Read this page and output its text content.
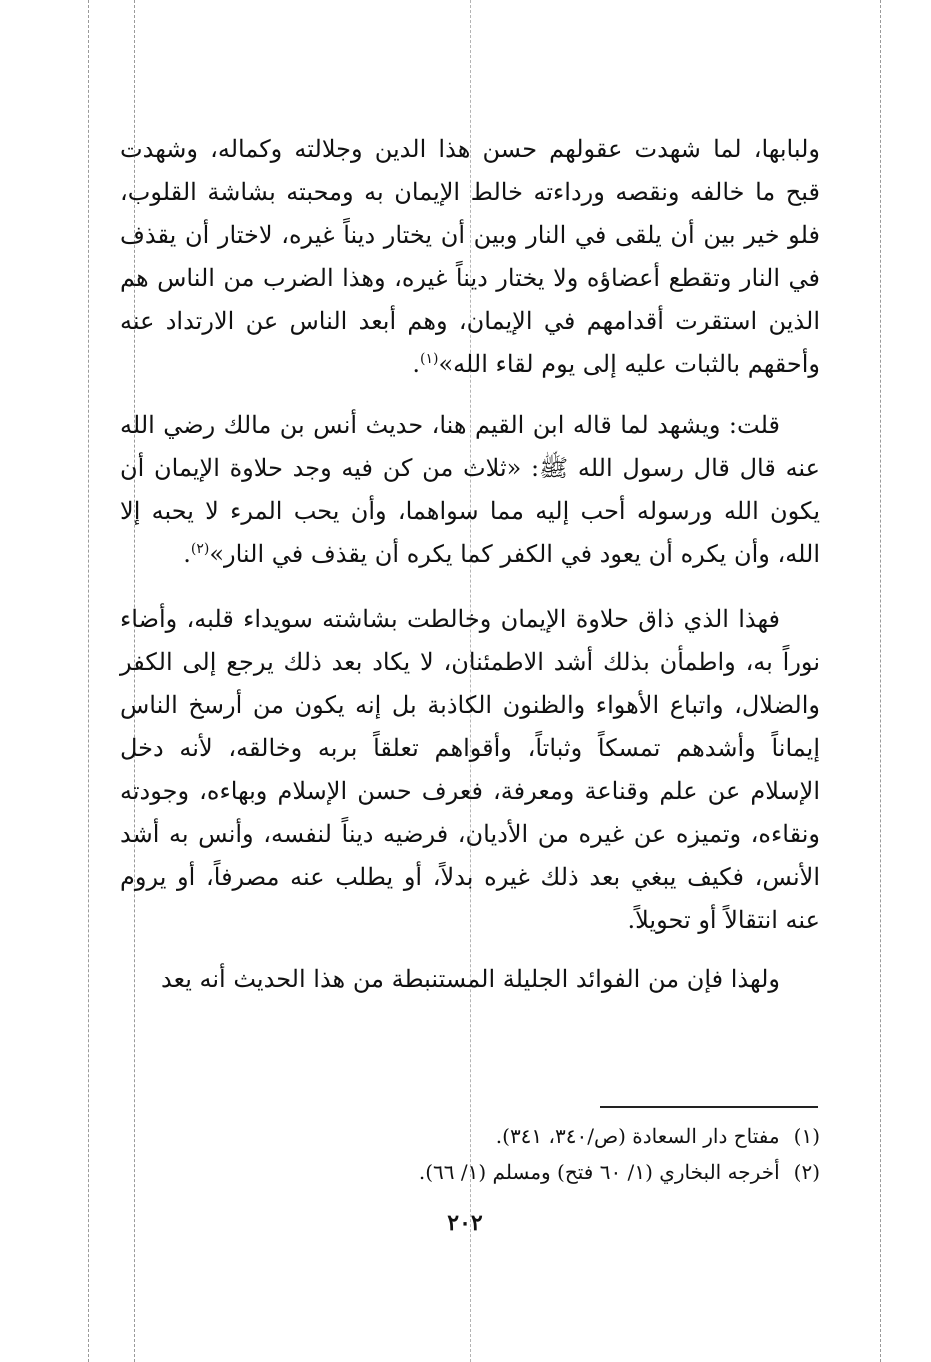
ولبابها، لما شهدت عقولهم حسن هذا الدين وجلالته وكماله، وشهدت قبح ما خالفه ونقصه ورداءته خالط الإيمان به ومحبته بشاشة القلوب، فلو خير بين أن يلقى في النار وبين أن يختار ديناً غيره، لاختار أن يقذف في النار وتقطع أعضاؤه ولا يختار ديناً غيره، وهذا الضرب من الناس هم الذين استقرت أقدامهم في الإيمان، وهم أبعد الناس عن الارتداد عنه وأحقهم بالثبات عليه إلى يوم لقاء الله»$^{(١)}$.

قلت: ويشهد لما قاله ابن القيم هنا، حديث أنس بن مالك رضي الله عنه قال قال رسول الله ﷺ: «ثلاث من كن فيه وجد حلاوة الإيمان أن يكون الله ورسوله أحب إليه مما سواهما، وأن يحب المرء لا يحبه إلا الله، وأن يكره أن يعود في الكفر كما يكره أن يقذف في النار»$^{(٢)}$.

فهذا الذي ذاق حلاوة الإيمان وخالطت بشاشته سويداء قلبه، وأضاء نوراً به، واطمأن بذلك أشد الاطمئنان، لا يكاد بعد ذلك يرجع إلى الكفر والضلال، واتباع الأهواء والظنون الكاذبة بل إنه يكون من أرسخ الناس إيماناً وأشدهم تمسكاً وثباتاً، وأقواهم تعلقاً بربه وخالقه، لأنه دخل الإسلام عن علم وقناعة ومعرفة، فعرف حسن الإسلام وبهاءه، وجودته ونقاءه، وتميزه عن غيره من الأديان، فرضيه ديناً لنفسه، وأنس به أشد الأنس، فكيف يبغي بعد ذلك غيره بدلاً، أو يطلب عنه مصرفاً، أو يروم عنه انتقالاً أو تحويلاً.

ولهذا فإن من الفوائد الجليلة المستنبطة من هذا الحديث أنه يعد

(١)مفتاح دار السعادة (ص/٣٤٠، ٣٤١).

(٢)أخرجه البخاري (١/ ٦٠ فتح) ومسلم (١/ ٦٦).

٢٠٢
